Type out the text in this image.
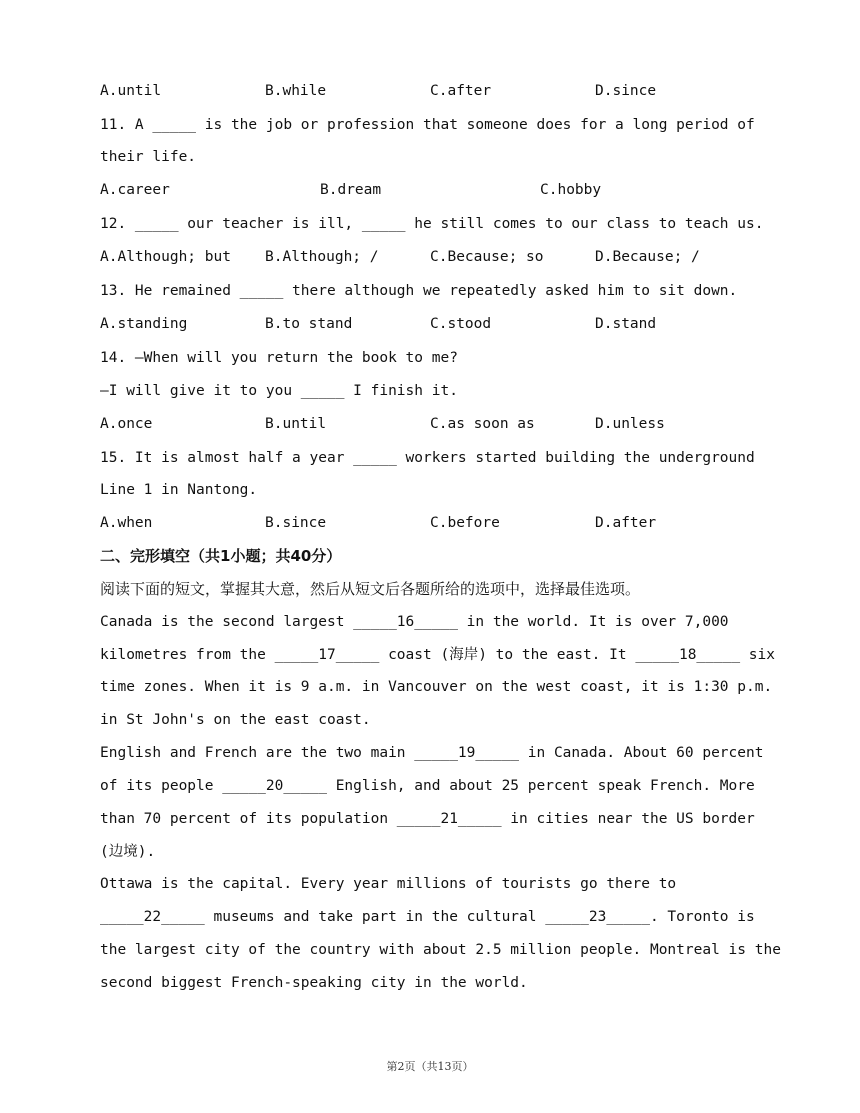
A.until	B.while	C.after	D.since
11. A _____ is the job or profession that someone does for a long period of
their life.
A.career	B.dream	C.hobby
12. _____ our teacher is ill, _____ he still comes to our class to teach us.
A.Although; but B.Although; /	C.Because; so	D.Because; /
13. He remained _____ there although we repeatedly asked him to sit down.
A.standing	B.to stand	C.stood	D.stand
14. —When will you return the book to me?
—I will give it to you _____ I finish it.
A.once	B.until	C.as soon as	D.unless
15. It is almost half a year _____ workers started building the underground
Line 1 in Nantong.
A.when	B.since	C.before	D.after
二、完形填空（共1小题；共40分）
阅读下面的短文，掌握其大意，然后从短文后各题所给的选项中，选择最佳选项。
Canada is the second largest _____16_____ in the world. It is over 7,000
kilometres from the _____17_____ coast (海岸) to the east. It _____18_____ six
time zones. When it is 9 a.m. in Vancouver on the west coast, it is 1:30 p.m.
in St John's on the east coast.
English and French are the two main _____19_____ in Canada. About 60 percent
of its people _____20_____ English, and about 25 percent speak French. More
than 70 percent of its population _____21_____ in cities near the US border
(边境).
Ottawa is the capital. Every year millions of tourists go there to
_____22_____ museums and take part in the cultural _____23_____. Toronto is
the largest city of the country with about 2.5 million people. Montreal is the
second biggest French-speaking city in the world.
第2页（共13页）
